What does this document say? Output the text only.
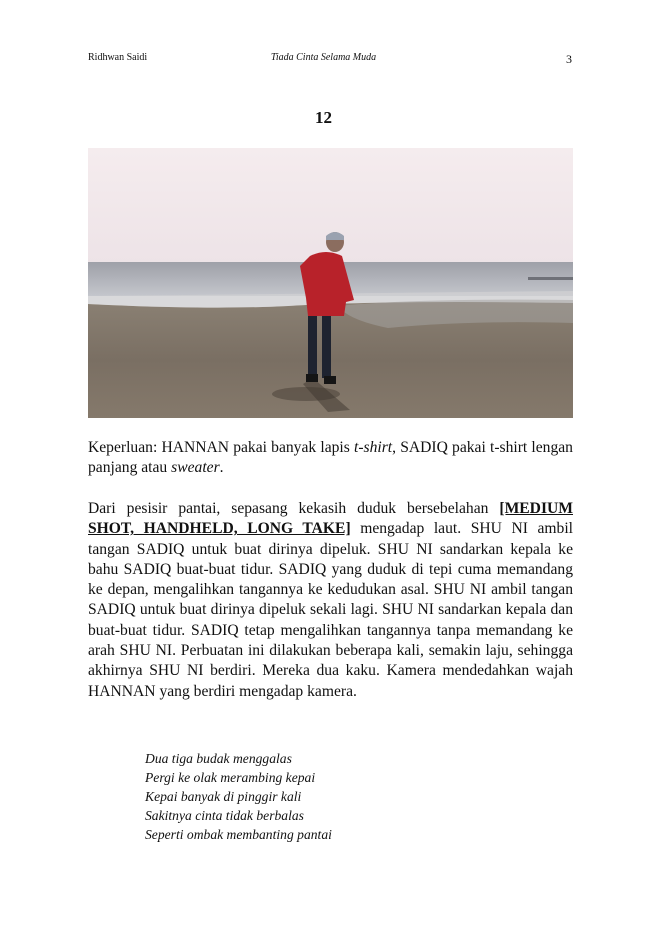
Ridhwan Saidi	Tiada Cinta Selama Muda	3
12

Keperluan: HANNAN pakai banyak lapis t-shirt, SADIQ pakai t-shirt lengan panjang atau sweater.

Dari pesisir pantai, sepasang kekasih duduk bersebelahan [MEDIUM SHOT, HANDHELD, LONG TAKE] mengadap laut. SHU NI ambil tangan SADIQ untuk buat dirinya dipeluk. SHU NI sandarkan kepala ke bahu SADIQ buat-buat tidur. SADIQ yang duduk di tepi cuma memandang ke depan, mengalihkan tangannya ke kedudukan asal. SHU NI ambil tangan SADIQ untuk buat dirinya dipeluk sekali lagi. SHU NI sandarkan kepala dan buat-buat tidur. SADIQ tetap mengalihkan tangannya tanpa memandang ke arah SHU NI. Perbuatan ini dilakukan beberapa kali, semakin laju, sehingga akhirnya SHU NI berdiri. Mereka dua kaku. Kamera mendedahkan wajah HANNAN yang berdiri mengadap kamera.

Dua tiga budak menggalas
Pergi ke olak merambing kepai
Kepai banyak di pinggir kali
Sakitnya cinta tidak berbalas
Seperti ombak membanting pantai
